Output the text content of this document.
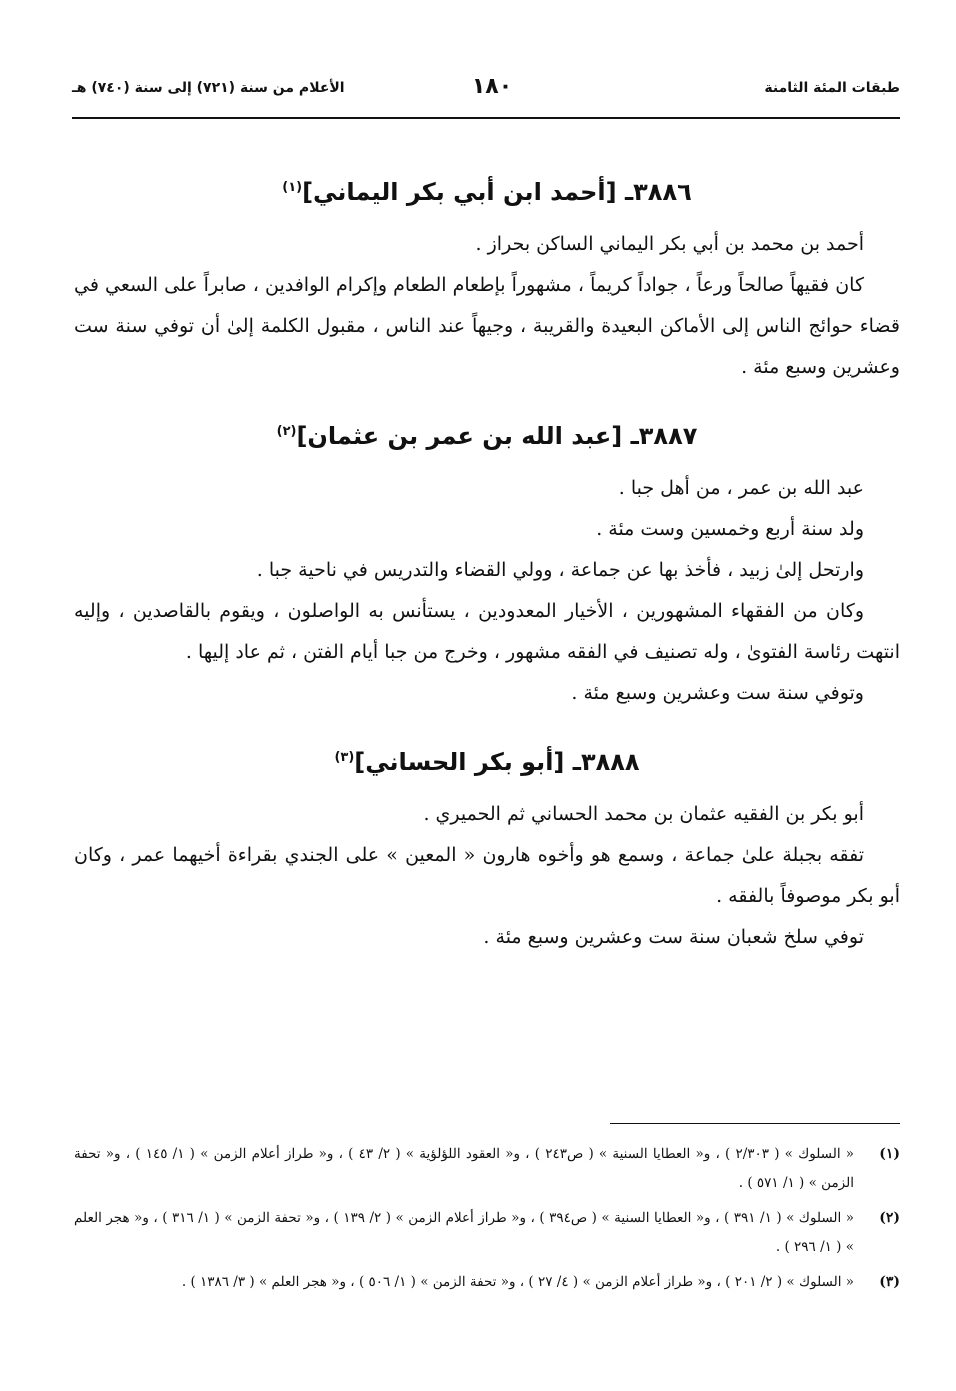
طبقات المئة الثامنة
١٨٠
الأعلام من سنة (٧٢١) إلى سنة (٧٤٠) هـ
٣٨٨٦ـ [أحمد ابن أبي بكر اليماني]$^{(١)}$

أحمد بن محمد بن أبي بكر اليماني الساكن بحراز .

كان فقيهاً صالحاً ورعاً ، جواداً كريماً ، مشهوراً بإطعام الطعام وإكرام الوافدين ، صابراً على السعي في قضاء حوائج الناس إلى الأماكن البعيدة والقريبة ، وجيهاً عند الناس ، مقبول الكلمة إلىٰ أن توفي سنة ست وعشرين وسبع مئة .

٣٨٨٧ـ [عبد الله بن عمر بن عثمان]$^{(٢)}$

عبد الله بن عمر ، من أهل جبا .

ولد سنة أربع وخمسين وست مئة .

وارتحل إلىٰ زبيد ، فأخذ بها عن جماعة ، وولي القضاء والتدريس في ناحية جبا .

وكان من الفقهاء المشهورين ، الأخيار المعدودين ، يستأنس به الواصلون ، ويقوم بالقاصدين ، وإليه انتهت رئاسة الفتوىٰ ، وله تصنيف في الفقه مشهور ، وخرج من جبا أيام الفتن ، ثم عاد إليها .

وتوفي سنة ست وعشرين وسبع مئة .

٣٨٨٨ـ [أبو بكر الحساني]$^{(٣)}$

أبو بكر بن الفقيه عثمان بن محمد الحساني ثم الحميري .

تفقه بجبلة علىٰ جماعة ، وسمع هو وأخوه هارون « المعين » على الجندي بقراءة أخيهما عمر ، وكان أبو بكر موصوفاً بالفقه .

توفي سلخ شعبان سنة ست وعشرين وسبع مئة .

(١)
« السلوك » ( ٢/٣٠٣ ) ، و« العطايا السنية » ( ص٢٤٣ ) ، و« العقود اللؤلؤية » ( ٢/ ٤٣ ) ، و« طراز أعلام الزمن » ( ١/ ١٤٥ ) ، و« تحفة الزمن » ( ١/ ٥٧١ ) .
(٢)
« السلوك » ( ١/ ٣٩١ ) ، و« العطايا السنية » ( ص٣٩٤ ) ، و« طراز أعلام الزمن » ( ٢/ ١٣٩ ) ، و« تحفة الزمن » ( ١/ ٣١٦ ) ، و« هجر العلم » ( ١/ ٢٩٦ ) .
(٣)
« السلوك » ( ٢/ ٢٠١ ) ، و« طراز أعلام الزمن » ( ٤/ ٢٧ ) ، و« تحفة الزمن » ( ١/ ٥٠٦ ) ، و« هجر العلم » ( ٣/ ١٣٨٦ ) .
